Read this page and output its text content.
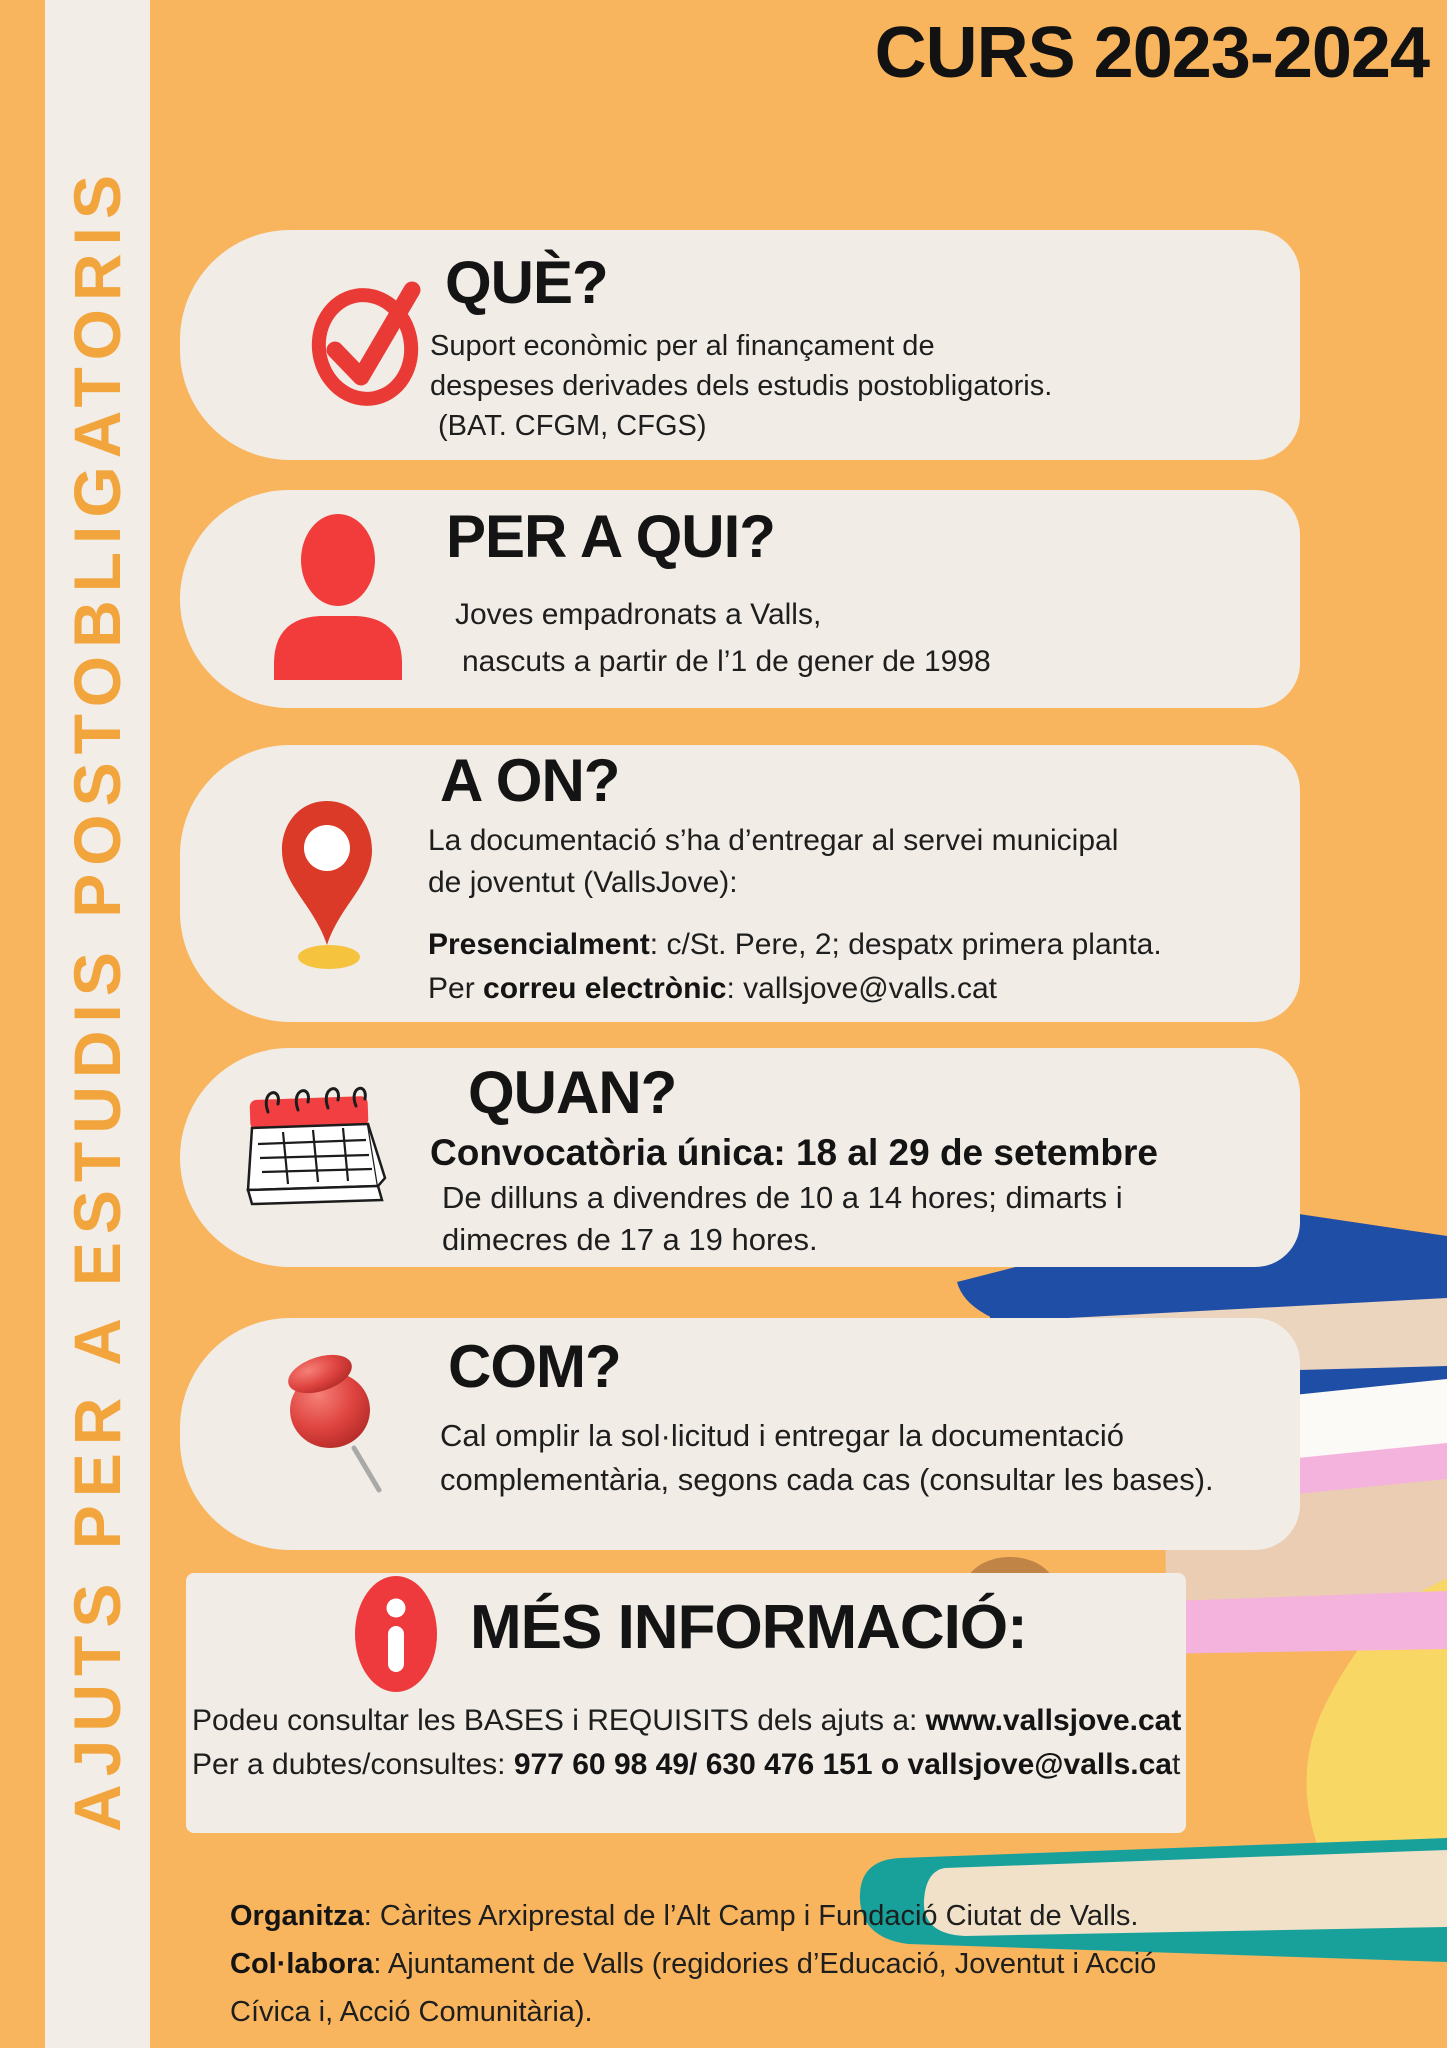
AJUTS PER A ESTUDIS POSTOBLIGATORIS
CURS 2023-2024
QUÈ?
Suport econòmic per al finançament de
despeses derivades dels estudis postobligatoris.
(BAT. CFGM, CFGS)
PER A QUI?
Joves empadronats a Valls,
nascuts a partir de l’1 de gener de 1998
A ON?
La documentació s’ha d’entregar al servei municipal
de joventut (VallsJove):
Presencialment: c/St. Pere, 2; despatx primera planta.
Per correu electrònic: vallsjove@valls.cat
QUAN?
Convocatòria única: 18 al 29 de setembre
De dilluns a divendres de 10 a 14 hores; dimarts i
dimecres de 17 a 19 hores.
COM?
Cal omplir la sol·licitud i entregar la documentació
complementària, segons cada cas (consultar les bases).
MÉS INFORMACIÓ:
Podeu consultar les BASES i REQUISITS dels ajuts a: www.vallsjove.cat
Per a dubtes/consultes: 977 60 98 49/ 630 476 151 o vallsjove@valls.cat
Organitza: Càrites Arxiprestal de l’Alt Camp i Fundació Ciutat de Valls.
Col·labora: Ajuntament de Valls (regidories d’Educació, Joventut i Acció
Cívica i, Acció Comunitària).
